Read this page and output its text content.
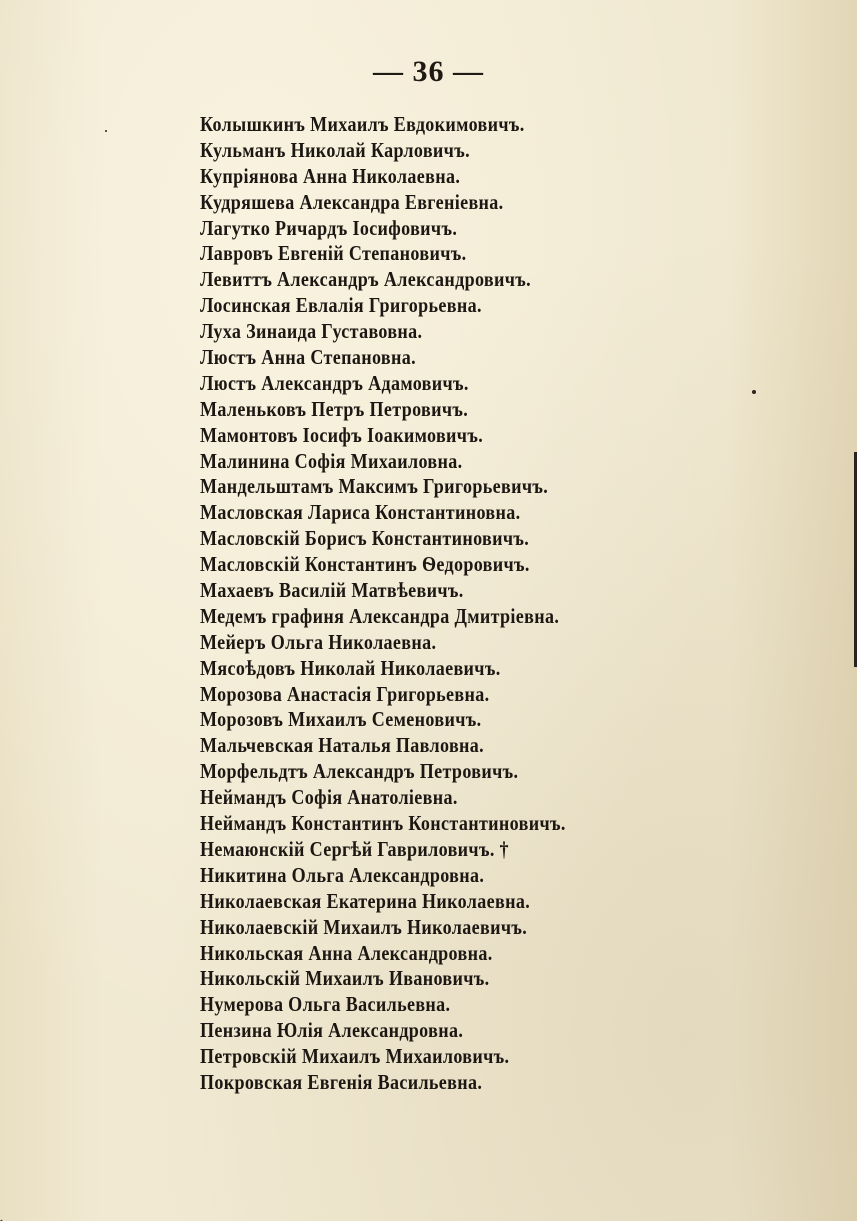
— 36 —
Колышкинъ Михаилъ Евдокимовичъ.
Кульманъ Николай Карловичъ.
Купріянова Анна Николаевна.
Кудряшева Александра Евгеніевна.
Лагутко Ричардъ Іосифовичъ.
Лавровъ Евгеній Степановичъ.
Левиттъ Александръ Александровичъ.
Лосинская Евлалія Григорьевна.
Луха Зинаида Густавовна.
Люстъ Анна Степановна.
Люстъ Александръ Адамовичъ.
Маленьковъ Петръ Петровичъ.
Мамонтовъ Іосифъ Іоакимовичъ.
Малинина Софія Михаиловна.
Мандельштамъ Максимъ Григорьевичъ.
Масловская Лариса Константиновна.
Масловскій Борисъ Константиновичъ.
Масловскій Константинъ Ѳедоровичъ.
Махаевъ Василій Матвѣевичъ.
Медемъ графиня Александра Дмитріевна.
Мейеръ Ольга Николаевна.
Мясоѣдовъ Николай Николаевичъ.
Морозова Анастасія Григорьевна.
Морозовъ Михаилъ Семеновичъ.
Мальчевская Наталья Павловна.
Морфельдтъ Александръ Петровичъ.
Неймандъ Софія Анатоліевна.
Неймандъ Константинъ Константиновичъ.
Немаюнскій Сергѣй Гавриловичъ. †
Никитина Ольга Александровна.
Николаевская Екатерина Николаевна.
Николаевскій Михаилъ Николаевичъ.
Никольская Анна Александровна.
Никольскій Михаилъ Ивановичъ.
Нумерова Ольга Васильевна.
Пензина Юлія Александровна.
Петровскій Михаилъ Михаиловичъ.
Покровская Евгенія Васильевна.
